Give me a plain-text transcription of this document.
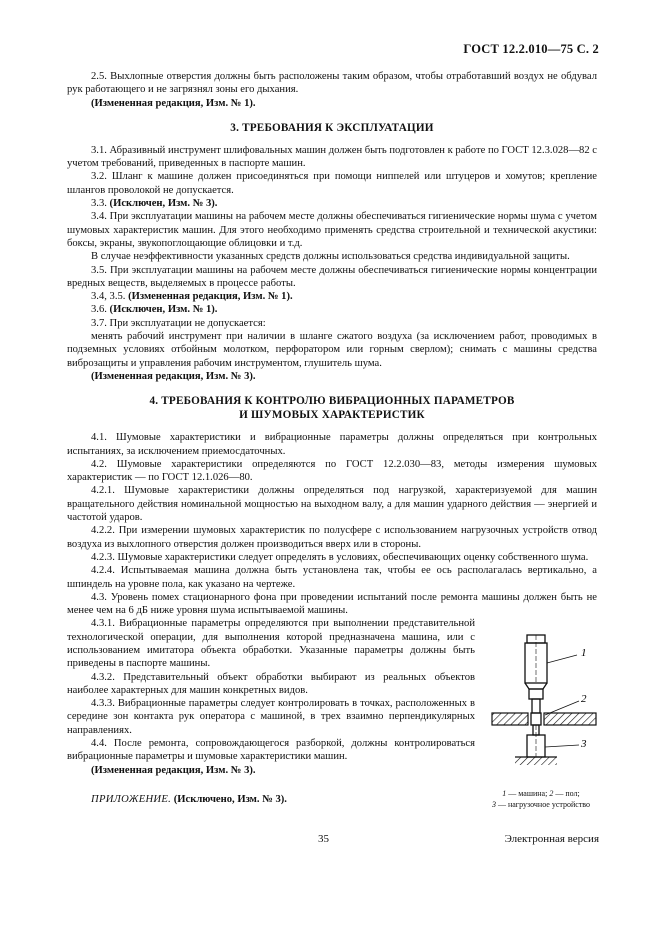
ГОСТ 12.2.010—75 С. 2

2.5. Выхлопные отверстия должны быть расположены таким образом, чтобы отработавший воздух не обдувал рук работающего и не загрязнял зоны его дыхания.

(Измененная редакция, Изм. № 1).

3. ТРЕБОВАНИЯ К ЭКСПЛУАТАЦИИ

3.1. Абразивный инструмент шлифовальных машин должен быть подготовлен к работе по ГОСТ 12.3.028—82 с учетом требований, приведенных в паспорте машин.

3.2. Шланг к машине должен присоединяться при помощи ниппелей или штуцеров и хомутов; крепление шлангов проволокой не допускается.

3.3. (Исключен, Изм. № 3).

3.4. При эксплуатации машины на рабочем месте должны обеспечиваться гигиенические нормы шума с учетом шумовых характеристик машин. Для этого необходимо применять средства строительной и технической акустики: боксы, экраны, звукопоглощающие облицовки и т.д.

В случае неэффективности указанных средств должны использоваться средства индивидуальной защиты.

3.5. При эксплуатации машины на рабочем месте должны обеспечиваться гигиенические нормы концентрации вредных веществ, выделяемых в процессе работы.

3.4, 3.5. (Измененная редакция, Изм. № 1).

3.6. (Исключен, Изм. № 1).

3.7. При эксплуатации не допускается:

менять рабочий инструмент при наличии в шланге сжатого воздуха (за исключением работ, проводимых в подземных условиях отбойным молотком, перфоратором или горным сверлом); снимать с машины средства виброзащиты и управления рабочим инструментом, глушитель шума.

(Измененная редакция, Изм. № 3).

4. ТРЕБОВАНИЯ К КОНТРОЛЮ ВИБРАЦИОННЫХ ПАРАМЕТРОВ
И ШУМОВЫХ ХАРАКТЕРИСТИК

4.1. Шумовые характеристики и вибрационные параметры должны определяться при контрольных испытаниях, за исключением приемосдаточных.

4.2. Шумовые характеристики определяются по ГОСТ 12.2.030—83, методы измерения шумовых характеристик — по ГОСТ 12.1.026—80.

4.2.1. Шумовые характеристики должны определяться под нагрузкой, характеризуемой для машин вращательного действия номинальной мощностью на выходном валу, а для машин ударного действия — энергией и частотой ударов.

4.2.2. При измерении шумовых характеристик по полусфере с использованием нагрузочных устройств отвод воздуха из выхлопного отверстия должен производиться вверх или в стороны.

4.2.3. Шумовые характеристики следует определять в условиях, обеспечивающих оценку собственного шума.

4.2.4. Испытываемая машина должна быть установлена так, чтобы ее ось располагалась вертикально, а шпиндель на уровне пола, как указано на чертеже.

4.3. Уровень помех стационарного фона при проведении испытаний после ремонта машины должен быть не менее чем на 6 дБ ниже уровня шума испытываемой машины.

4.3.1. Вибрационные параметры определяются при выполнении представительной технологической операции, для выполнения которой предназначена машина, или с использованием имитатора объекта обработки. Указанные параметры должны быть приведены в паспорте машины.

4.3.2. Представительный объект обработки выбирают из реальных объектов наиболее характерных для машин конкретных видов.

4.3.3. Вибрационные параметры следует контролировать в точках, расположенных в середине зон контакта рук оператора с машиной, в трех взаимно перпендикулярных направлениях.

4.4. После ремонта, сопровождающегося разборкой, должны контролироваться вибрационные параметры и шумовые характеристики машин.

(Измененная редакция, Изм. № 3).

ПРИЛОЖЕНИЕ. (Исключено, Изм. № 3).

1
2
3
1 — машина; 2 — пол;
3 — нагрузочное устройство
35	Электронная версия
